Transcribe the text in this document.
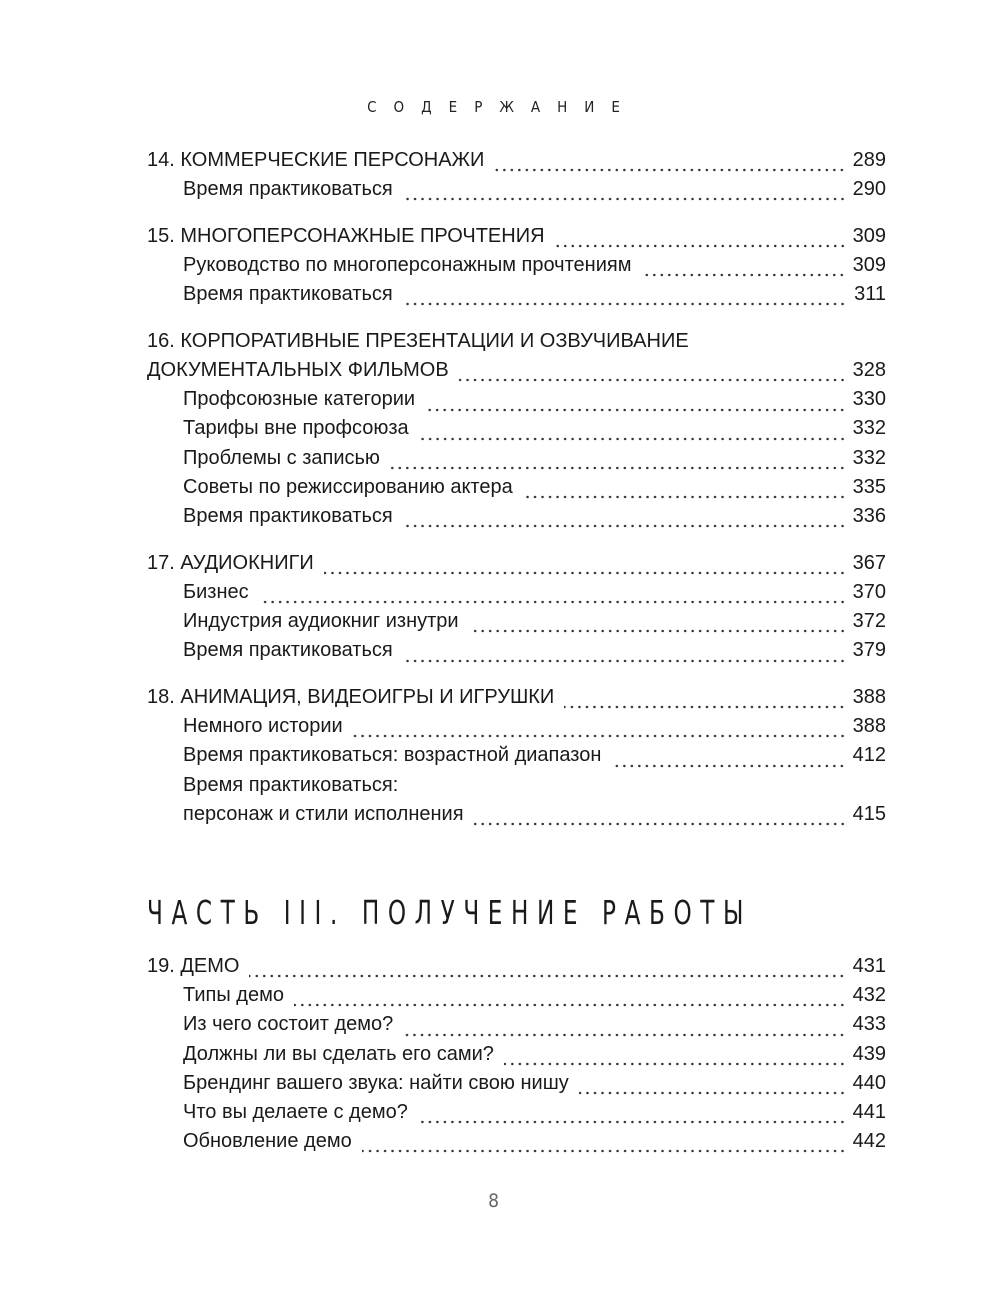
СОДЕРЖАНИЕ
14. КОММЕРЧЕСКИЕ ПЕРСОНАЖИ	289
Время практиковаться	290
15. МНОГОПЕРСОНАЖНЫЕ ПРОЧТЕНИЯ	309
Руководство по многоперсонажным прочтениям	309
Время практиковаться	311
16. КОРПОРАТИВНЫЕ ПРЕЗЕНТАЦИИ И ОЗВУЧИВАНИЕ
ДОКУМЕНТАЛЬНЫХ ФИЛЬМОВ	328
Профсоюзные категории	330
Тарифы вне профсоюза	332
Проблемы с записью	332
Советы по режиссированию актера	335
Время практиковаться	336
17. АУДИОКНИГИ	367
Бизнес	370
Индустрия аудиокниг изнутри	372
Время практиковаться	379
18. АНИМАЦИЯ, ВИДЕОИГРЫ И ИГРУШКИ	388
Немного истории	388
Время практиковаться: возрастной диапазон	412
Время практиковаться:
персонаж и стили исполнения	415
ЧАСТЬ III. ПОЛУЧЕНИЕ РАБОТЫ
19. ДЕМО	431
Типы демо	432
Из чего состоит демо?	433
Должны ли вы сделать его сами?	439
Брендинг вашего звука: найти свою нишу	440
Что вы делаете с демо?	441
Обновление демо	442
8
